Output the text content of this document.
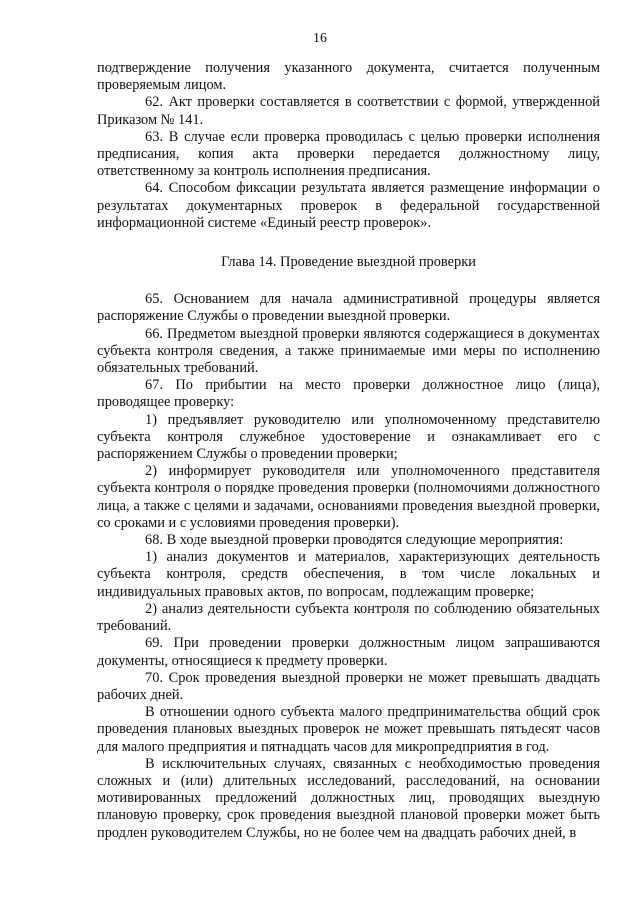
16

подтверждение получения указанного документа, считается полученным проверяемым лицом.

62. Акт проверки составляется в соответствии с формой, утвержденной Приказом № 141.

63. В случае если проверка проводилась с целью проверки исполнения предписания, копия акта проверки передается должностному лицу, ответственному за контроль исполнения предписания.

64. Способом фиксации результата является размещение информации о результатах документарных проверок в федеральной государственной информационной системе «Единый реестр проверок».

Глава 14. Проведение выездной проверки

65. Основанием для начала административной процедуры является распоряжение Службы о проведении выездной проверки.

66. Предметом выездной проверки являются содержащиеся в документах субъекта контроля сведения, а также принимаемые ими меры по исполнению обязательных требований.

67. По прибытии на место проверки должностное лицо (лица), проводящее проверку:

1) предъявляет руководителю или уполномоченному представителю субъекта контроля служебное удостоверение и ознакамливает его с распоряжением Службы о проведении проверки;

2) информирует руководителя или уполномоченного представителя субъекта контроля о порядке проведения проверки (полномочиями должностного лица, а также с целями и задачами, основаниями проведения выездной проверки, со сроками и с условиями проведения проверки).

68. В ходе выездной проверки проводятся следующие мероприятия:

1) анализ документов и материалов, характеризующих деятельность субъекта контроля, средств обеспечения, в том числе локальных и индивидуальных правовых актов, по вопросам, подлежащим проверке;

2) анализ деятельности субъекта контроля по соблюдению обязательных требований.

69. При проведении проверки должностным лицом запрашиваются документы, относящиеся к предмету проверки.

70. Срок проведения выездной проверки не может превышать двадцать рабочих дней.

В отношении одного субъекта малого предпринимательства общий срок проведения плановых выездных проверок не может превышать пятьдесят часов для малого предприятия и пятнадцать часов для микропредприятия в год.

В исключительных случаях, связанных с необходимостью проведения сложных и (или) длительных исследований, расследований, на основании мотивированных предложений должностных лиц, проводящих выездную плановую проверку, срок проведения выездной плановой проверки может быть продлен руководителем Службы, но не более чем на двадцать рабочих дней, в
